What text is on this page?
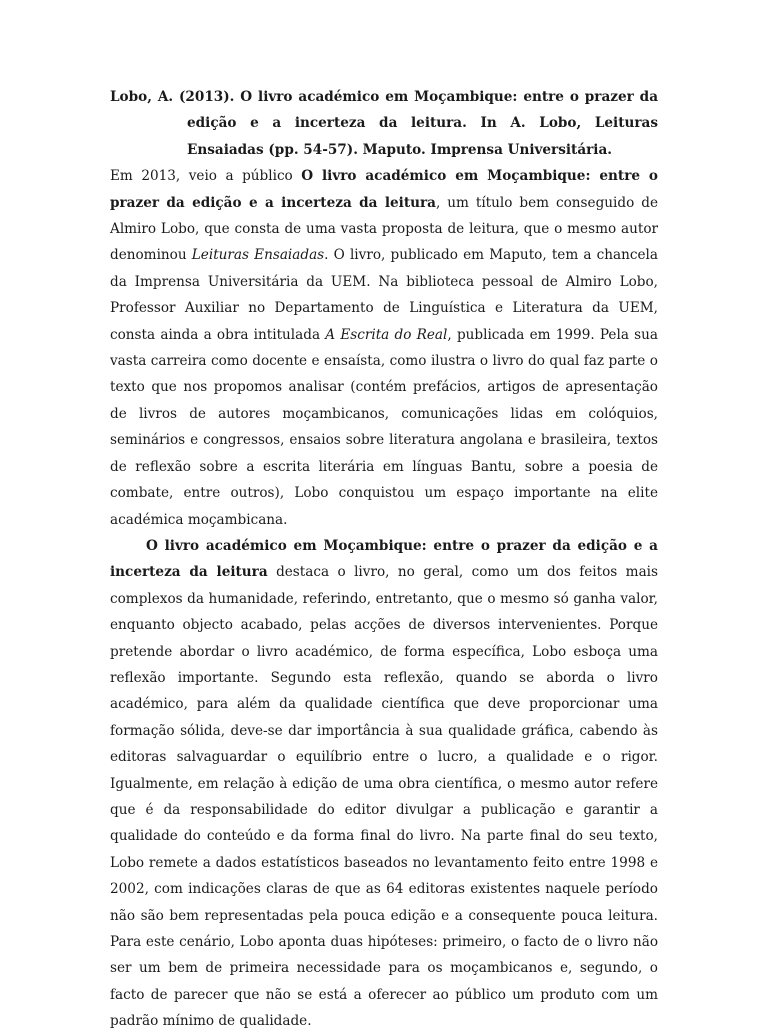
Lobo, A. (2013). O livro académico em Moçambique: entre o prazer da edição e a incerteza da leitura. In A. Lobo, Leituras Ensaiadas (pp. 54-57). Maputo. Imprensa Universitária.

Em 2013, veio a público O livro académico em Moçambique: entre o prazer da edição e a incerteza da leitura, um título bem conseguido de Almiro Lobo, que consta de uma vasta proposta de leitura, que o mesmo autor denominou Leituras Ensaiadas. O livro, publicado em Maputo, tem a chancela da Imprensa Universitária da UEM. Na biblioteca pessoal de Almiro Lobo, Professor Auxiliar no Departamento de Linguística e Literatura da UEM, consta ainda a obra intitulada A Escrita do Real, publicada em 1999. Pela sua vasta carreira como docente e ensaísta, como ilustra o livro do qual faz parte o texto que nos propomos analisar (contém prefácios, artigos de apresentação de livros de autores moçambicanos, comunicações lidas em colóquios, seminários e congressos, ensaios sobre literatura angolana e brasileira, textos de reflexão sobre a escrita literária em línguas Bantu, sobre a poesia de combate, entre outros), Lobo conquistou um espaço importante na elite académica moçambicana.

O livro académico em Moçambique: entre o prazer da edição e a incerteza da leitura destaca o livro, no geral, como um dos feitos mais complexos da humanidade, referindo, entretanto, que o mesmo só ganha valor, enquanto objecto acabado, pelas acções de diversos intervenientes. Porque pretende abordar o livro académico, de forma específica, Lobo esboça uma reflexão importante. Segundo esta reflexão, quando se aborda o livro académico, para além da qualidade científica que deve proporcionar uma formação sólida, deve-se dar importância à sua qualidade gráfica, cabendo às editoras salvaguardar o equilíbrio entre o lucro, a qualidade e o rigor. Igualmente, em relação à edição de uma obra científica, o mesmo autor refere que é da responsabilidade do editor divulgar a publicação e garantir a qualidade do conteúdo e da forma final do livro. Na parte final do seu texto, Lobo remete a dados estatísticos baseados no levantamento feito entre 1998 e 2002, com indicações claras de que as 64 editoras existentes naquele período não são bem representadas pela pouca edição e a consequente pouca leitura. Para este cenário, Lobo aponta duas hipóteses: primeiro, o facto de o livro não ser um bem de primeira necessidade para os moçambicanos e, segundo, o facto de parecer que não se está a oferecer ao público um produto com um padrão mínimo de qualidade.
